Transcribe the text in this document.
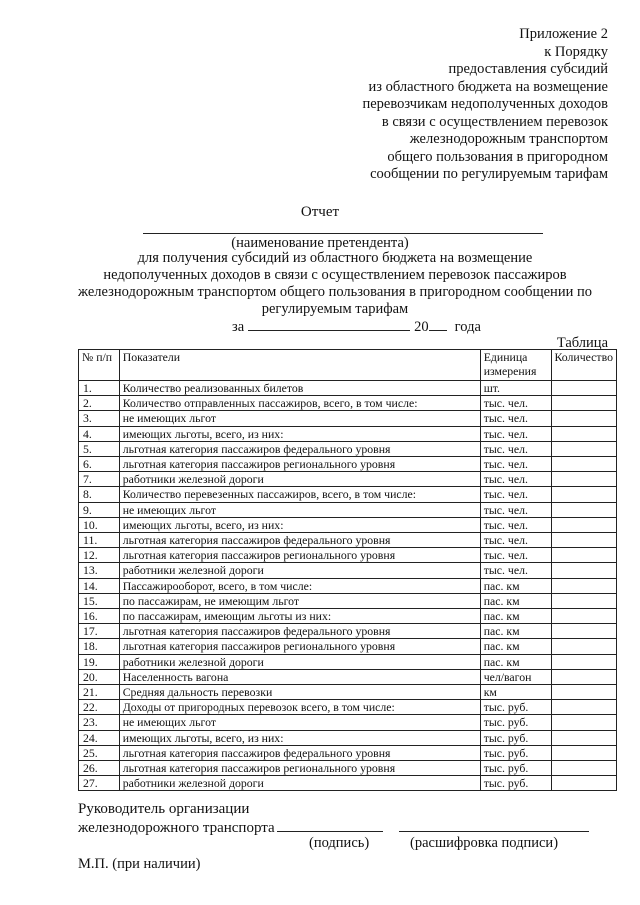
Приложение 2
к Порядку
предоставления субсидий
из областного бюджета на возмещение
перевозчикам недополученных доходов
в связи с осуществлением перевозок
железнодорожным транспортом
общего пользования в пригородном
сообщении по регулируемым тарифам
Отчет
(наименование претендента)
для получения субсидий из областного бюджета на возмещение
недополученных доходов в связи с осуществлением перевозок пассажиров
железнодорожным транспортом общего пользования в пригородном сообщении по
регулируемым тарифам
за	20 года
Таблица
№ п/п	Показатели	Единица измерения	Количество
1.	Количество реализованных билетов	шт.	
2.	Количество отправленных пассажиров, всего, в том числе:	тыс. чел.	
3.	не имеющих льгот	тыс. чел.	
4.	имеющих льготы, всего, из них:	тыс. чел.	
5.	льготная категория пассажиров федерального уровня	тыс. чел.	
6.	льготная категория пассажиров регионального уровня	тыс. чел.	
7.	работники железной дороги	тыс. чел.	
8.	Количество перевезенных пассажиров, всего, в том числе:	тыс. чел.	
9.	не имеющих льгот	тыс. чел.	
10.	имеющих льготы, всего, из них:	тыс. чел.	
11.	льготная категория пассажиров федерального уровня	тыс. чел.	
12.	льготная категория пассажиров регионального уровня	тыс. чел.	
13.	работники железной дороги	тыс. чел.	
14.	Пассажирооборот, всего, в том числе:	пас. км	
15.	по пассажирам, не имеющим льгот	пас. км	
16.	по пассажирам, имеющим льготы из них:	пас. км	
17.	льготная категория пассажиров федерального уровня	пас. км	
18.	льготная категория пассажиров регионального уровня	пас. км	
19.	работники железной дороги	пас. км	
20.	Населенность вагона	чел/вагон	
21.	Средняя дальность перевозки	км	
22.	Доходы от пригородных перевозок всего, в том числе:	тыс. руб.	
23.	не имеющих льгот	тыс. руб.	
24.	имеющих льготы, всего, из них:	тыс. руб.	
25.	льготная категория пассажиров федерального уровня	тыс. руб.	
26.	льготная категория пассажиров регионального уровня	тыс. руб.	
27.	работники железной дороги	тыс. руб.	
Руководитель организации
железнодорожного транспорта
(подпись)	(расшифровка подписи)
М.П. (при наличии)
